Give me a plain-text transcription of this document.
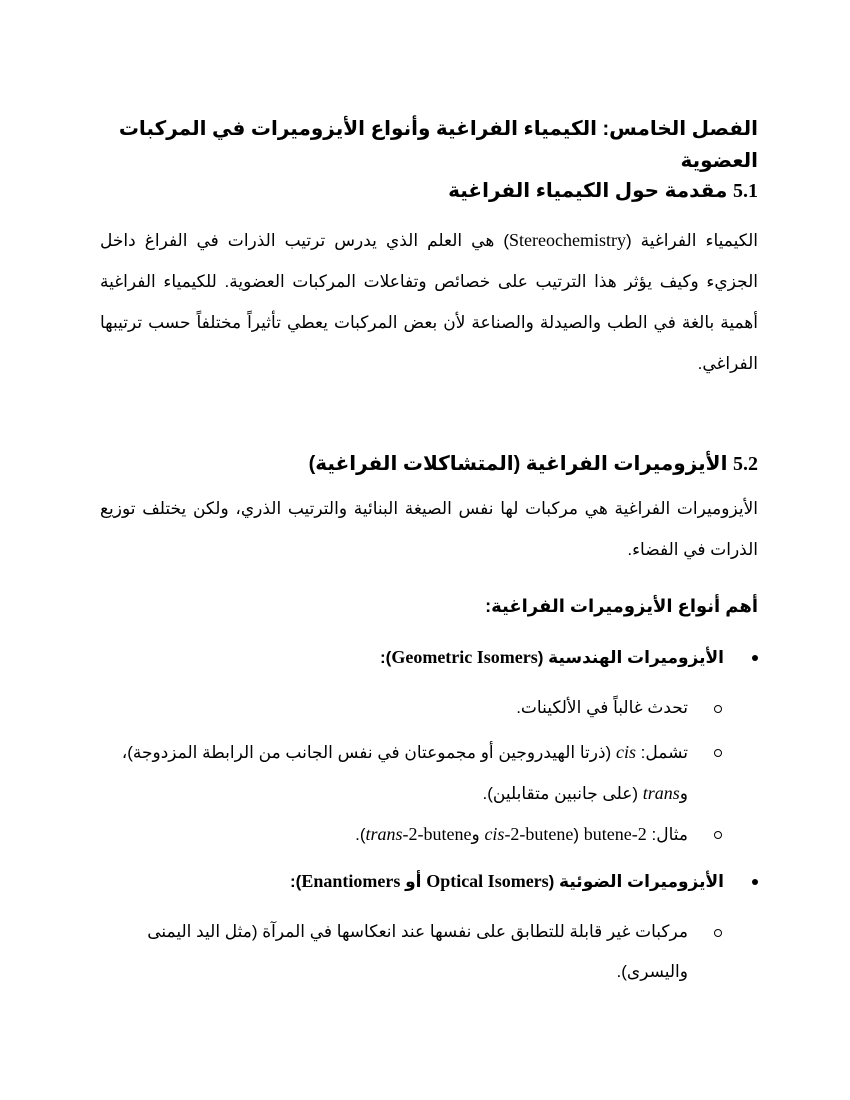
الفصل الخامس: الكيمياء الفراغية وأنواع الأيزوميرات في المركبات العضوية
5.1 مقدمة حول الكيمياء الفراغية

الكيمياء الفراغية (Stereochemistry) هي العلم الذي يدرس ترتيب الذرات في الفراغ داخل الجزيء وكيف يؤثر هذا الترتيب على خصائص وتفاعلات المركبات العضوية. للكيمياء الفراغية أهمية بالغة في الطب والصيدلة والصناعة لأن بعض المركبات يعطي تأثيراً مختلفاً حسب ترتيبها الفراغي.

5.2 الأيزوميرات الفراغية (المتشاكلات الفراغية)

الأيزوميرات الفراغية هي مركبات لها نفس الصيغة البنائية والترتيب الذري، ولكن يختلف توزيع الذرات في الفضاء.

أهم أنواع الأيزوميرات الفراغية:
الأيزوميرات الهندسية (Geometric Isomers):
تحدث غالباً في الألكينات.
تشمل: cis (ذرتا الهيدروجين أو مجموعتان في نفس الجانب من الرابطة المزدوجة)، وtrans (على جانبين متقابلين).
مثال: butene-2 (cis-2-butene وtrans-2-butene).
الأيزوميرات الضوئية (Optical Isomers أو Enantiomers):
مركبات غير قابلة للتطابق على نفسها عند انعكاسها في المرآة (مثل اليد اليمنى واليسرى).
